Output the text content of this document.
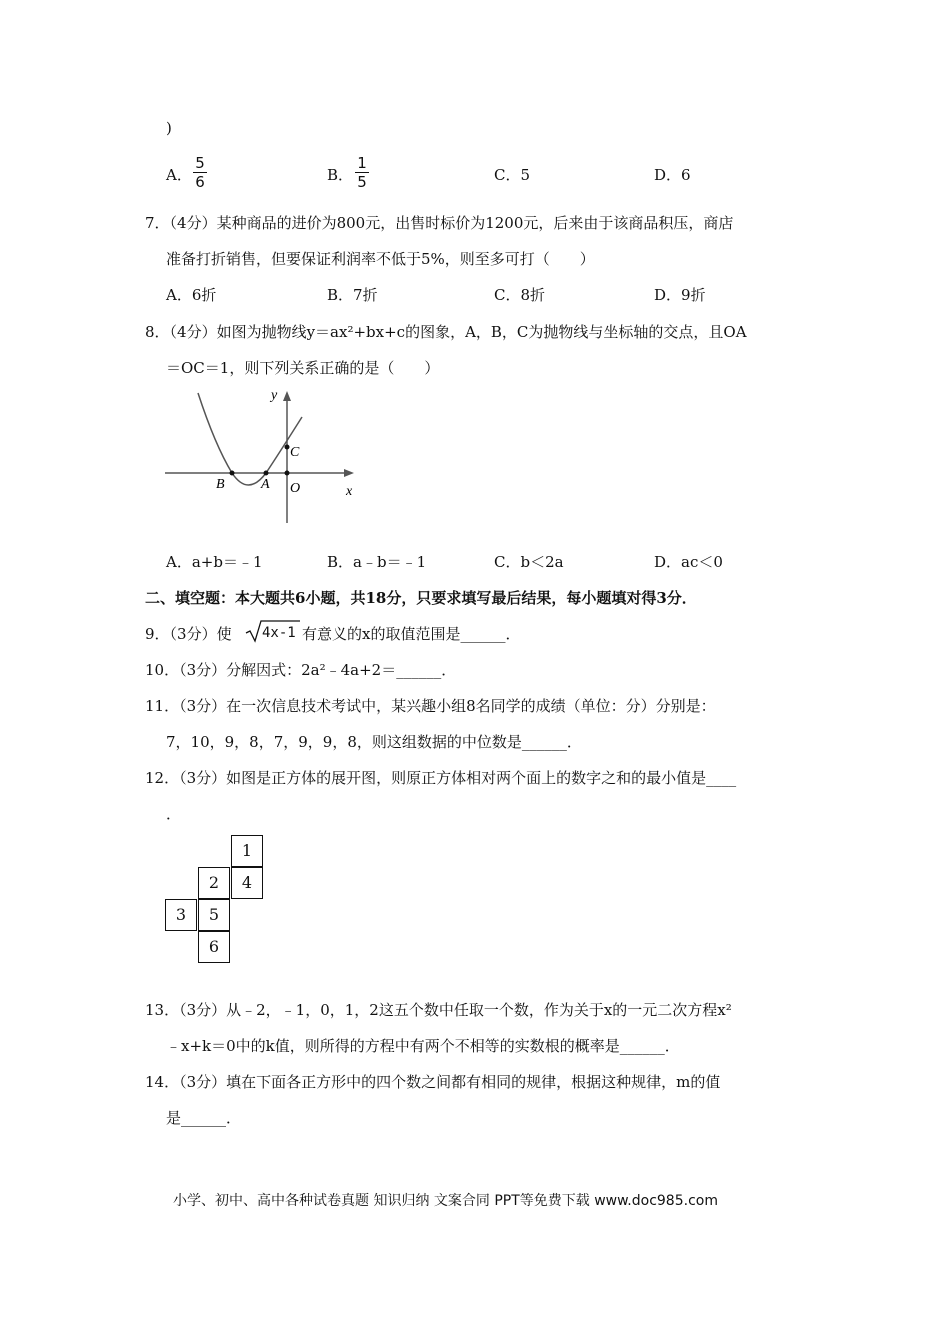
)
A．
5
6	B．
1
5	C．5	D．6
7．（4分）某种商品的进价为800元，出售时标价为1200元，后来由于该商品积压，商店
准备打折销售，但要保证利润率不低于5%，则至多可打（　　）
A．6折	B．7折	C．8折	D．9折
8．（4分）如图为抛物线y＝ax²+bx+c的图象，A，B，C为抛物线与坐标轴的交点，且OA
＝OC＝1，则下列关系正确的是（　　）
y
x
C
B	A O
A．a+b＝﹣1	B．a﹣b＝﹣1	C．b＜2a	D．ac＜0
二、填空题：本大题共6小题，共18分，只要求填写最后结果，每小题填对得3分．
9．（3分）使 4x-1 有意义的x的取值范围是______．
10．（3分）分解因式：2a²﹣4a+2＝______．
11．（3分）在一次信息技术考试中，某兴趣小组8名同学的成绩（单位：分）分别是：
7，10，9，8，7，9，9，8，则这组数据的中位数是______．
12．（3分）如图是正方体的展开图，则原正方体相对两个面上的数字之和的最小值是____
．
1
2	4
3	5
6
13．（3分）从﹣2，﹣1，0，1，2这五个数中任取一个数，作为关于x的一元二次方程x²
﹣x+k＝0中的k值，则所得的方程中有两个不相等的实数根的概率是______．
14．（3分）填在下面各正方形中的四个数之间都有相同的规律，根据这种规律，m的值
是______．
小学、初中、高中各种试卷真题 知识归纳 文案合同 PPT等免费下载 www.doc985.com
